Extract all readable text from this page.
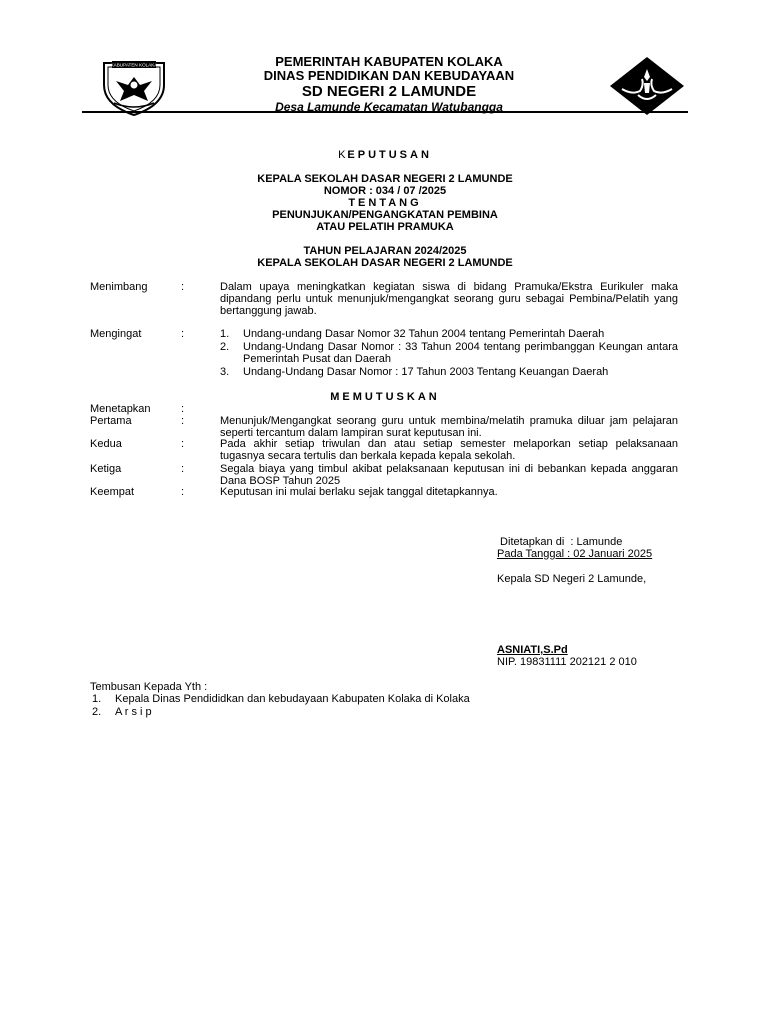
KABUPATEN KOLAKA	PEMERINTAH KABUPATEN KOLAKA
DINAS PENDIDIKAN DAN KEBUDAYAAN
SD NEGERI 2 LAMUNDE
Desa Lamunde Kecamatan Watubangga
KEPUTUSAN
KEPALA SEKOLAH DASAR NEGERI 2 LAMUNDE
NOMOR : 034 / 07 /2025
TENTANG
PENUNJUKAN/PENGANGKATAN PEMBINA
ATAU PELATIH PRAMUKA
TAHUN PELAJARAN 2024/2025
KEPALA SEKOLAH DASAR NEGERI 2 LAMUNDE
Menimbang	:	Dalam upaya meningkatkan kegiatan siswa di bidang Pramuka/Ekstra Eurikuler maka dipandang perlu untuk menunjuk/mengangkat seorang guru sebagai Pembina/Pelatih yang bertanggung jawab.
Mengingat	:	1.	Undang-undang Dasar Nomor 32 Tahun 2004 tentang Pemerintah Daerah
2.	Undang-Undang Dasar Nomor : 33 Tahun 2004 tentang perimbanggan Keungan antara Pemerintah Pusat dan Daerah
3.	Undang-Undang Dasar Nomor : 17 Tahun 2003 Tentang Keuangan Daerah
MEMUTUSKAN
Menetapkan	:
Pertama	:	Menunjuk/Mengangkat seorang guru untuk membina/melatih pramuka diluar jam pelajaran seperti tercantum dalam lampiran surat keputusan ini.
Kedua	:	Pada akhir setiap triwulan dan atau setiap semester melaporkan setiap pelaksanaan tugasnya secara tertulis dan berkala kepada kepala sekolah.
Ketiga	:	Segala biaya yang timbul akibat pelaksanaan keputusan ini di bebankan kepada anggaran Dana BOSP Tahun 2025
Keempat	:	Keputusan ini mulai berlaku sejak tanggal ditetapkannya.
Ditetapkan di  : Lamunde
Pada Tanggal : 02 Januari 2025
Kepala SD Negeri 2 Lamunde,
ASNIATI,S.Pd
NIP. 19831111 202121 2 010
Tembusan Kepada Yth :
1. Kepala Dinas Pendididkan dan kebudayaan Kabupaten Kolaka di Kolaka
2. A r s i p
